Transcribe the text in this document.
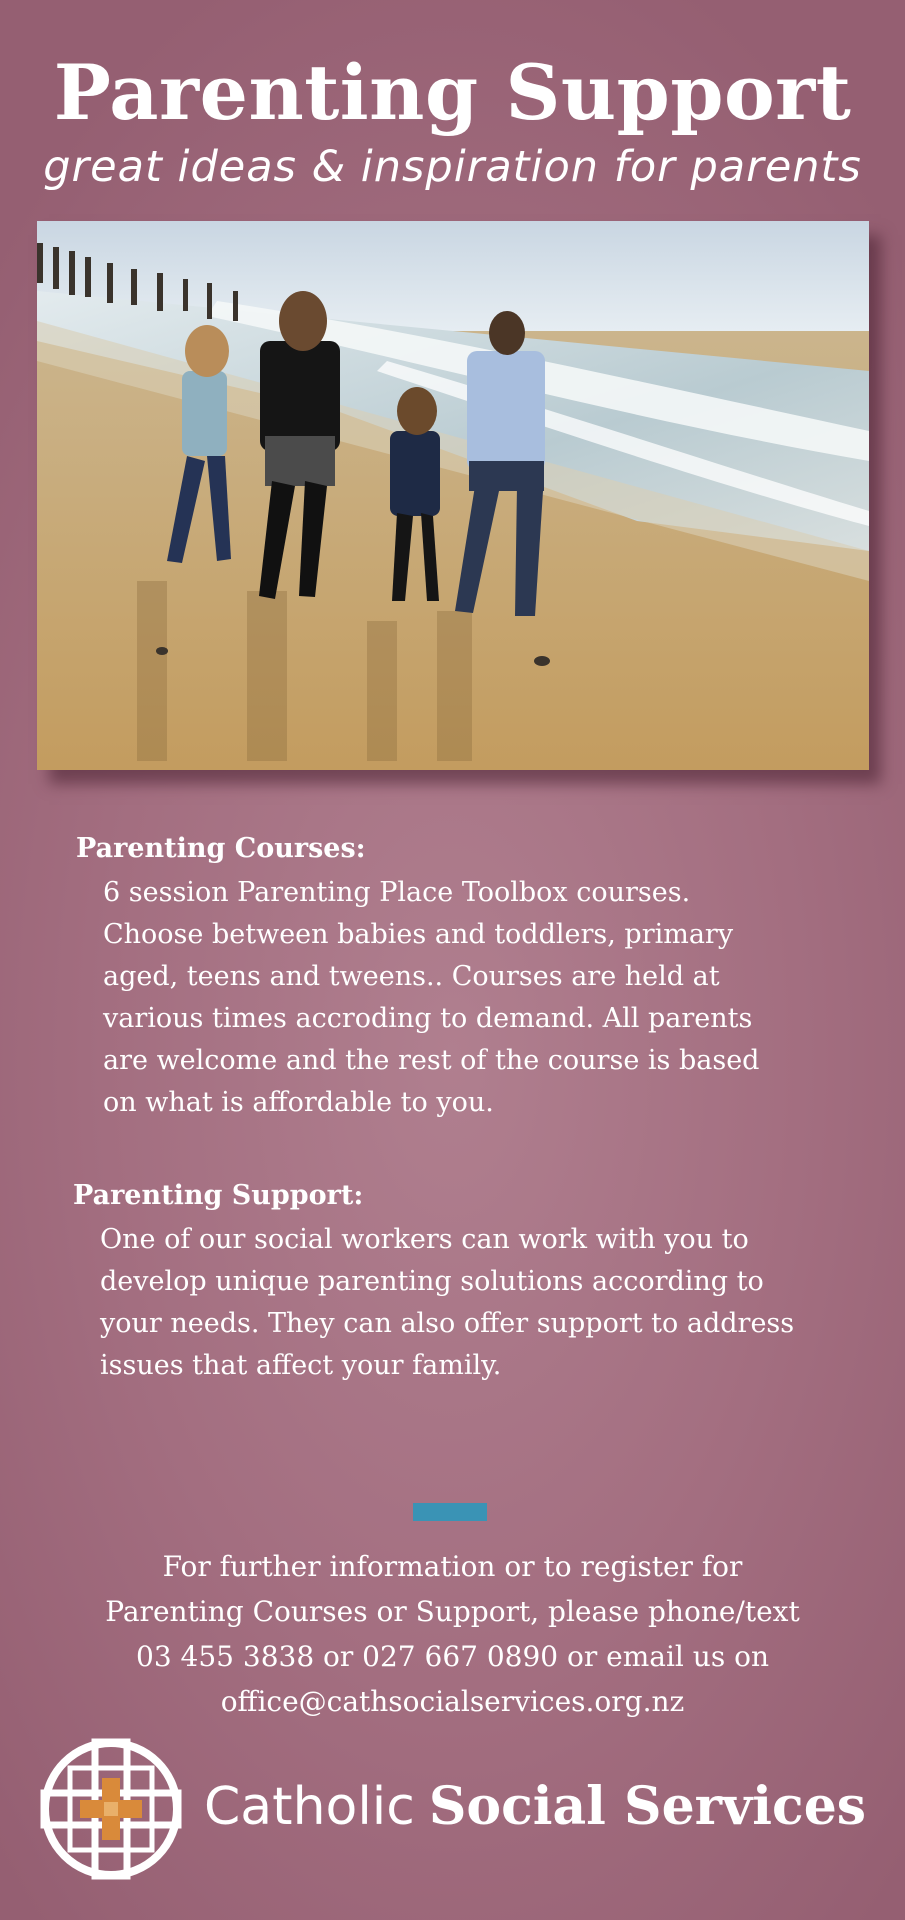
Parenting Support
great ideas & inspiration for parents
Parenting Courses:
6 session Parenting Place Toolbox courses.
Choose between babies and toddlers, primary
aged, teens and tweens.. Courses are held at
various times accroding to demand. All parents
are welcome and the rest of the course is based
on what is affordable to you.
Parenting Support:
One of our social workers can work with you to
develop unique parenting solutions according to
your needs. They can also offer support to address
issues that affect your family.
For further information or to register for
Parenting Courses or Support, please phone/text
03 455 3838 or 027 667 0890 or email us on
office@cathsocialservices.org.nz
Catholic Social Services
